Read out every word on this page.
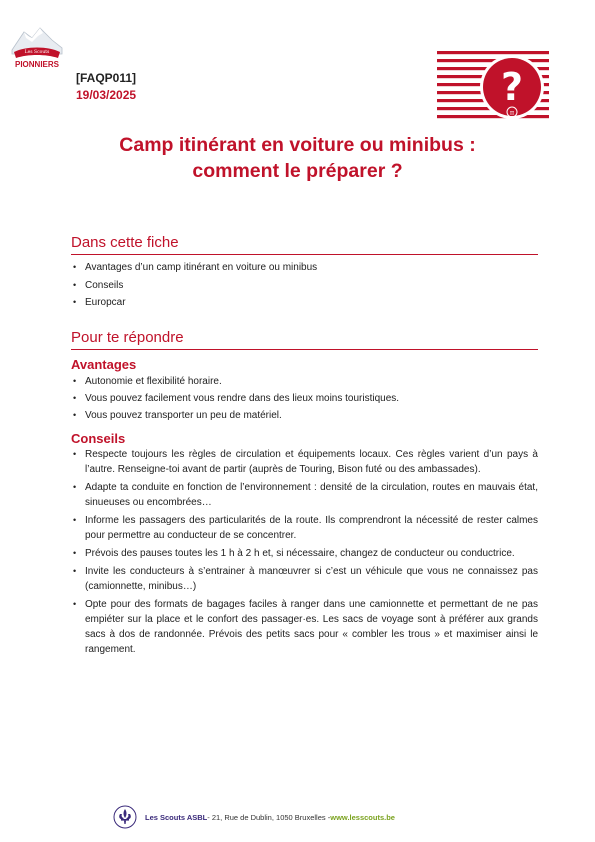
Les Scouts
PIONNIERS
[FAQP011]
19/03/2025	?
π
Camp itinérant en voiture ou minibus :
comment le préparer ?
Dans cette fiche
• Avantages d’un camp itinérant en voiture ou minibus
• Conseils
• Europcar
Pour te répondre
Avantages
• Autonomie et flexibilité horaire.
• Vous pouvez facilement vous rendre dans des lieux moins touristiques.
• Vous pouvez transporter un peu de matériel.
Conseils
• Respecte toujours les règles de circulation et équipements locaux. Ces règles varient d’un pays à l’autre. Renseigne-toi avant de partir (auprès de Touring, Bison futé ou des ambassades).
• Adapte ta conduite en fonction de l’environnement : densité de la circulation, routes en mauvais état, sinueuses ou encombrées…
• Informe les passagers des particularités de la route. Ils comprendront la nécessité de rester calmes pour permettre au conducteur de se concentrer.
• Prévois des pauses toutes les 1 h à 2 h et, si nécessaire, changez de conducteur ou conductrice.
• Invite les conducteurs à s’entrainer à manœuvrer si c’est un véhicule que vous ne connaissez pas (camionnette, minibus…)
• Opte pour des formats de bagages faciles à ranger dans une camionnette et permettant de ne pas empiéter sur la place et le confort des passager·es. Les sacs de voyage sont à préférer aux grands sacs à dos de randonnée. Prévois des petits sacs pour « combler les trous » et maximiser ainsi le rangement.
Les Scouts ASBL - 21, Rue de Dublin, 1050 Bruxelles - www.lesscouts.be
